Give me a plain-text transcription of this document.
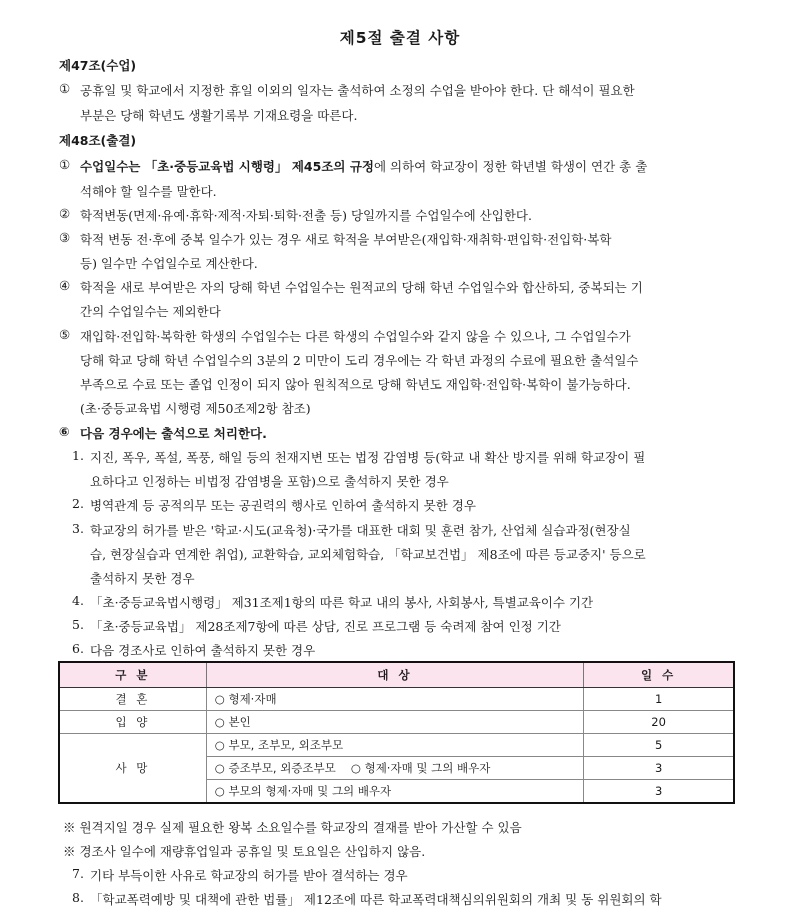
제5절 출결 사항
제47조(수업)
① 공휴일 및 학교에서 지정한 휴일 이외의 일자는 출석하여 소정의 수업을 받아야 한다. 단 해석이 필요한
부분은 당해 학년도 생활기록부 기재요령을 따른다.
제48조(출결)
① 수업일수는 「초·중등교육법 시행령」 제45조의 규정에 의하여 학교장이 정한 학년별 학생이 연간 총 출
석해야 할 일수를 말한다.
② 학적변동(면제·유예·휴학·제적·자퇴·퇴학·전출 등) 당일까지를 수업일수에 산입한다.
③ 학적 변동 전·후에 중복 일수가 있는 경우 새로 학적을 부여받은(재입학·재취학·편입학·전입학·복학
등) 일수만 수업일수로 계산한다.
④ 학적을 새로 부여받은 자의 당해 학년 수업일수는 원적교의 당해 학년 수업일수와 합산하되, 중복되는 기
간의 수업일수는 제외한다
⑤ 재입학·전입학·복학한 학생의 수업일수는 다른 학생의 수업일수와 같지 않을 수 있으나, 그 수업일수가
당해 학교 당해 학년 수업일수의 3분의 2 미만이 도리 경우에는 각 학년 과정의 수료에 필요한 출석일수
부족으로 수료 또는 졸업 인정이 되지 않아 원칙적으로 당해 학년도 재입학·전입학·복학이 불가능하다.
(초·중등교육법 시행령 제50조제2항 참조)
⑥ 다음 경우에는 출석으로 처리한다.
1. 지진, 폭우, 폭설, 폭풍, 해일 등의 천재지변 또는 법정 감염병 등(학교 내 확산 방지를 위해 학교장이 필
요하다고 인정하는 비법정 감염병을 포함)으로 출석하지 못한 경우
2. 병역관계 등 공적의무 또는 공권력의 행사로 인하여 출석하지 못한 경우
3. 학교장의 허가를 받은 '학교·시도(교육청)·국가를 대표한 대회 및 훈련 참가, 산업체 실습과정(현장실
습, 현장실습과 연계한 취업), 교환학습, 교외체험학습, 「학교보건법」 제8조에 따른 등교중지' 등으로
출석하지 못한 경우
4. 「초·중등교육법시행령」 제31조제1항의 따른 학교 내의 봉사, 사회봉사, 특별교육이수 기간
5. 「초·중등교육법」 제28조제7항에 따른 상담, 진로 프로그램 등 숙려제 참여 인정 기간
6. 다음 경조사로 인하여 출석하지 못한 경우
구 분	대 상	일 수
결 혼	○ 형제·자매	1
입 양	○ 본인	20
사 망	○ 부모, 조부모, 외조부모	5
	○ 증조부모, 외증조부모　 ○ 형제·자매 및 그의 배우자	3
	○ 부모의 형제·자매 및 그의 배우자	3
※ 원격지일 경우 실제 필요한 왕복 소요일수를 학교장의 결재를 받아 가산할 수 있음
※ 경조사 일수에 재량휴업일과 공휴일 및 토요일은 산입하지 않음.
7. 기타 부득이한 사유로 학교장의 허가를 받아 결석하는 경우
8. 「학교폭력예방 및 대책에 관한 법률」 제12조에 따른 학교폭력대책심의위원회의 개최 및 동 위원회의 학
